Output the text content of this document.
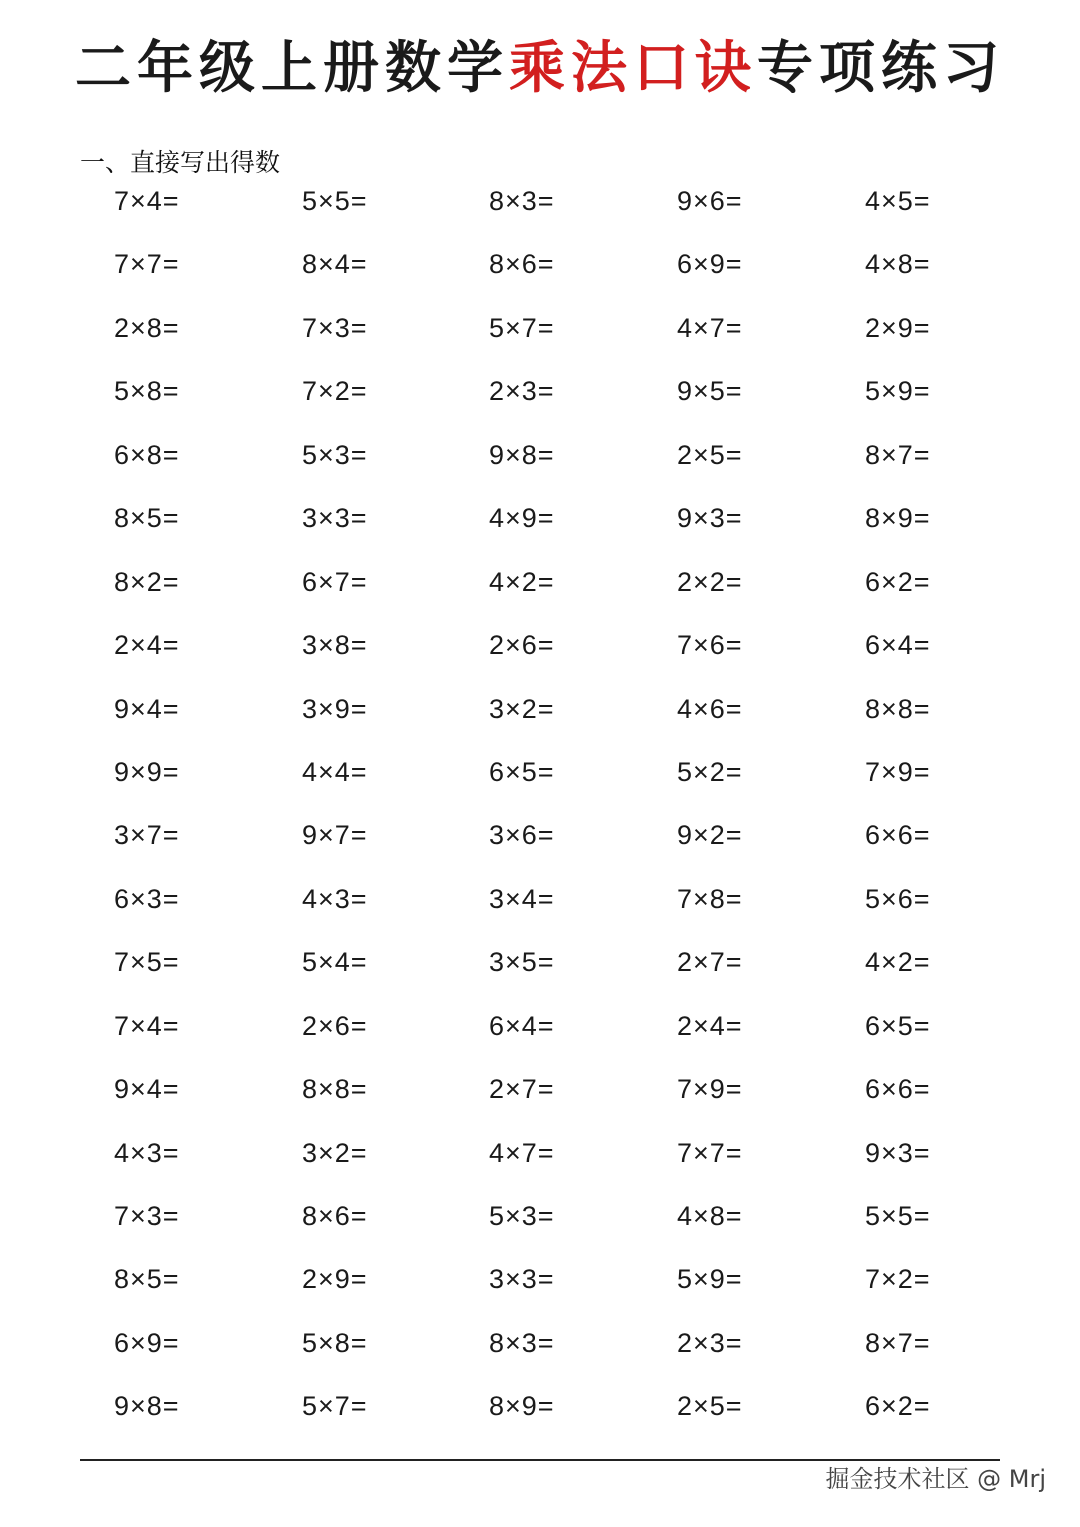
二年级上册数学乘法口诀专项练习
一、直接写出得数
7×4=	5×5=	8×3=	9×6=	4×5=
7×7=	8×4=	8×6=	6×9=	4×8=
2×8=	7×3=	5×7=	4×7=	2×9=
5×8=	7×2=	2×3=	9×5=	5×9=
6×8=	5×3=	9×8=	2×5=	8×7=
8×5=	3×3=	4×9=	9×3=	8×9=
8×2=	6×7=	4×2=	2×2=	6×2=
2×4=	3×8=	2×6=	7×6=	6×4=
9×4=	3×9=	3×2=	4×6=	8×8=
9×9=	4×4=	6×5=	5×2=	7×9=
3×7=	9×7=	3×6=	9×2=	6×6=
6×3=	4×3=	3×4=	7×8=	5×6=
7×5=	5×4=	3×5=	2×7=	4×2=
7×4=	2×6=	6×4=	2×4=	6×5=
9×4=	8×8=	2×7=	7×9=	6×6=
4×3=	3×2=	4×7=	7×7=	9×3=
7×3=	8×6=	5×3=	4×8=	5×5=
8×5=	2×9=	3×3=	5×9=	7×2=
6×9=	5×8=	8×3=	2×3=	8×7=
9×8=	5×7=	8×9=	2×5=	6×2=
掘金技术社区 @ Mrj
